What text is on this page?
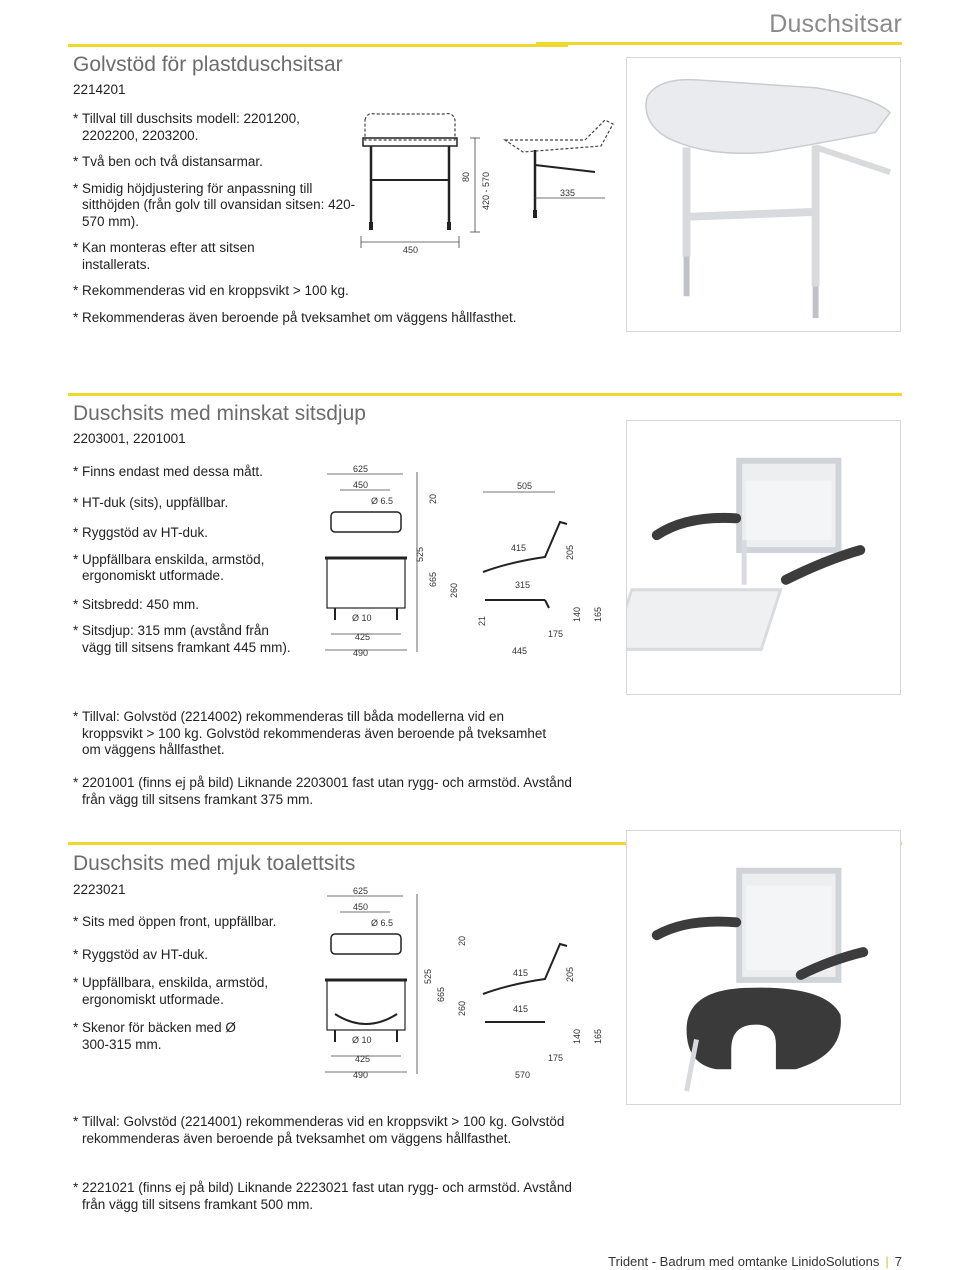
Duschsitsar
Golvstöd för plastduschsitsar
2214201
* Tillval till duschsits modell: 2201200, 2202200, 2203200.
* Två ben och två distansarmar.
* Smidig höjdjustering för anpassning till sitthöjden (från golv till ovansidan sitsen: 420-570 mm).
* Kan monteras efter att sitsen installerats.
* Rekommenderas vid en kroppsvikt > 100 kg.
* Rekommenderas även beroende på tveksamhet om väggens hållfasthet.
450
80 420 - 570	335
Duschsits med minskat sitsdjup
2203001, 2201001
* Finns endast med dessa mått.
* HT-duk (sits), uppfällbar.
* Ryggstöd av HT-duk.
* Uppfällbara enskilda, armstöd, ergonomiskt utformade.
* Sitsbredd: 450 mm.
* Sitsdjup: 315 mm (avstånd från vägg till sitsens framkant 445 mm).
625
450
Ø 6.5
Ø 10
425
490
525
665
20
260
21
505
415
315
445
175
205
140 165
* Tillval: Golvstöd (2214002) rekommenderas till båda modellerna vid en kroppsvikt > 100 kg. Golvstöd rekommenderas även beroende på tveksamhet om väggens hållfasthet.
* 2201001 (finns ej på bild) Liknande 2203001 fast utan rygg- och armstöd. Avstånd från vägg till sitsens framkant 375 mm.
Duschsits med mjuk toalettsits
2223021
* Sits med öppen front, uppfällbar.
* Ryggstöd av HT-duk.
* Uppfällbara, enskilda, armstöd, ergonomiskt utformade.
* Skenor för bäcken med Ø 300-315 mm.
625
450
Ø 6.5
Ø 10
425
490
525
665
20
260
415
415
570
175
205
140 165
* Tillval: Golvstöd (2214001) rekommenderas vid en kroppsvikt > 100 kg. Golvstöd rekommenderas även beroende på tveksamhet om väggens hållfasthet.
* 2221021 (finns ej på bild) Liknande 2223021 fast utan rygg- och armstöd. Avstånd från vägg till sitsens framkant 500 mm.
Trident - Badrum med omtanke LinidoSolutions | 7
